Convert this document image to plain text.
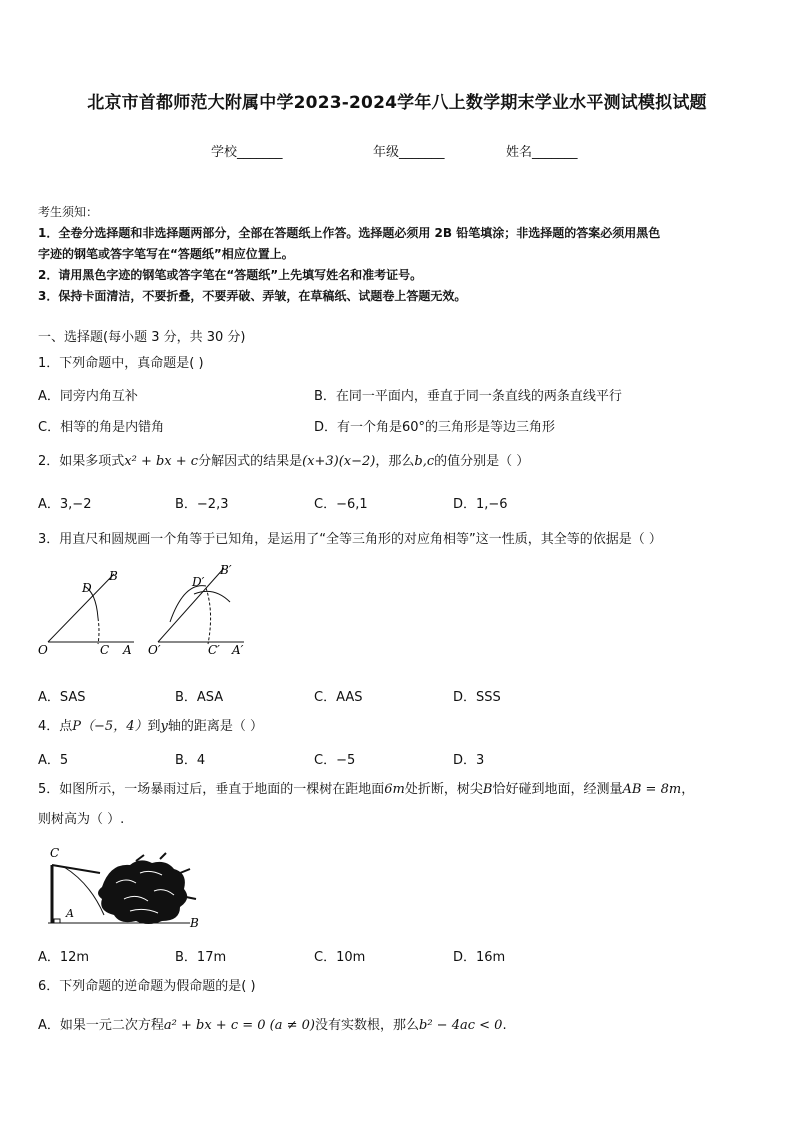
北京市首都师范大附属中学2023-2024学年八上数学期末学业水平测试模拟试题
学校_______	年级_______	姓名_______
考生须知：
1．全卷分选择题和非选择题两部分，全部在答题纸上作答。选择题必须用 2B 铅笔填涂；非选择题的答案必须用黑色
字迹的钢笔或答字笔写在“答题纸”相应位置上。
2．请用黑色字迹的钢笔或答字笔在“答题纸”上先填写姓名和准考证号。
3．保持卡面清洁，不要折叠，不要弄破、弄皱，在草稿纸、试题卷上答题无效。
一、选择题(每小题 3 分，共 30 分)
1．下列命题中，真命题是( )
A．同旁内角互补	B．在同一平面内，垂直于同一条直线的两条直线平行
C．相等的角是内错角	D．有一个角是60°的三角形是等边三角形
2．如果多项式x² + bx + c分解因式的结果是(x+3)(x−2)，那么b,c的值分别是（ ）
A．3,−2	B．−2,3	C．−6,1	D．1,−6
3．用直尺和圆规画一个角等于已知角，是运用了“全等三角形的对应角相等”这一性质，其全等的依据是（ ）
O	C A
D
B
O′	C′ A′
D′
B′
A．SAS	B．ASA	C．AAS	D．SSS
4．点P（−5，4）到y轴的距离是（ ）
A．5	B．4	C．−5	D．3
5．如图所示，一场暴雨过后，垂直于地面的一棵树在距地面6m处折断，树尖B恰好碰到地面，经测量AB = 8m，
则树高为（ ）.
C
A
B
A．12m	B．17m	C．10m	D．16m
6．下列命题的逆命题为假命题的是( )
A．如果一元二次方程a² + bx + c = 0 (a ≠ 0)没有实数根，那么b² − 4ac < 0.
